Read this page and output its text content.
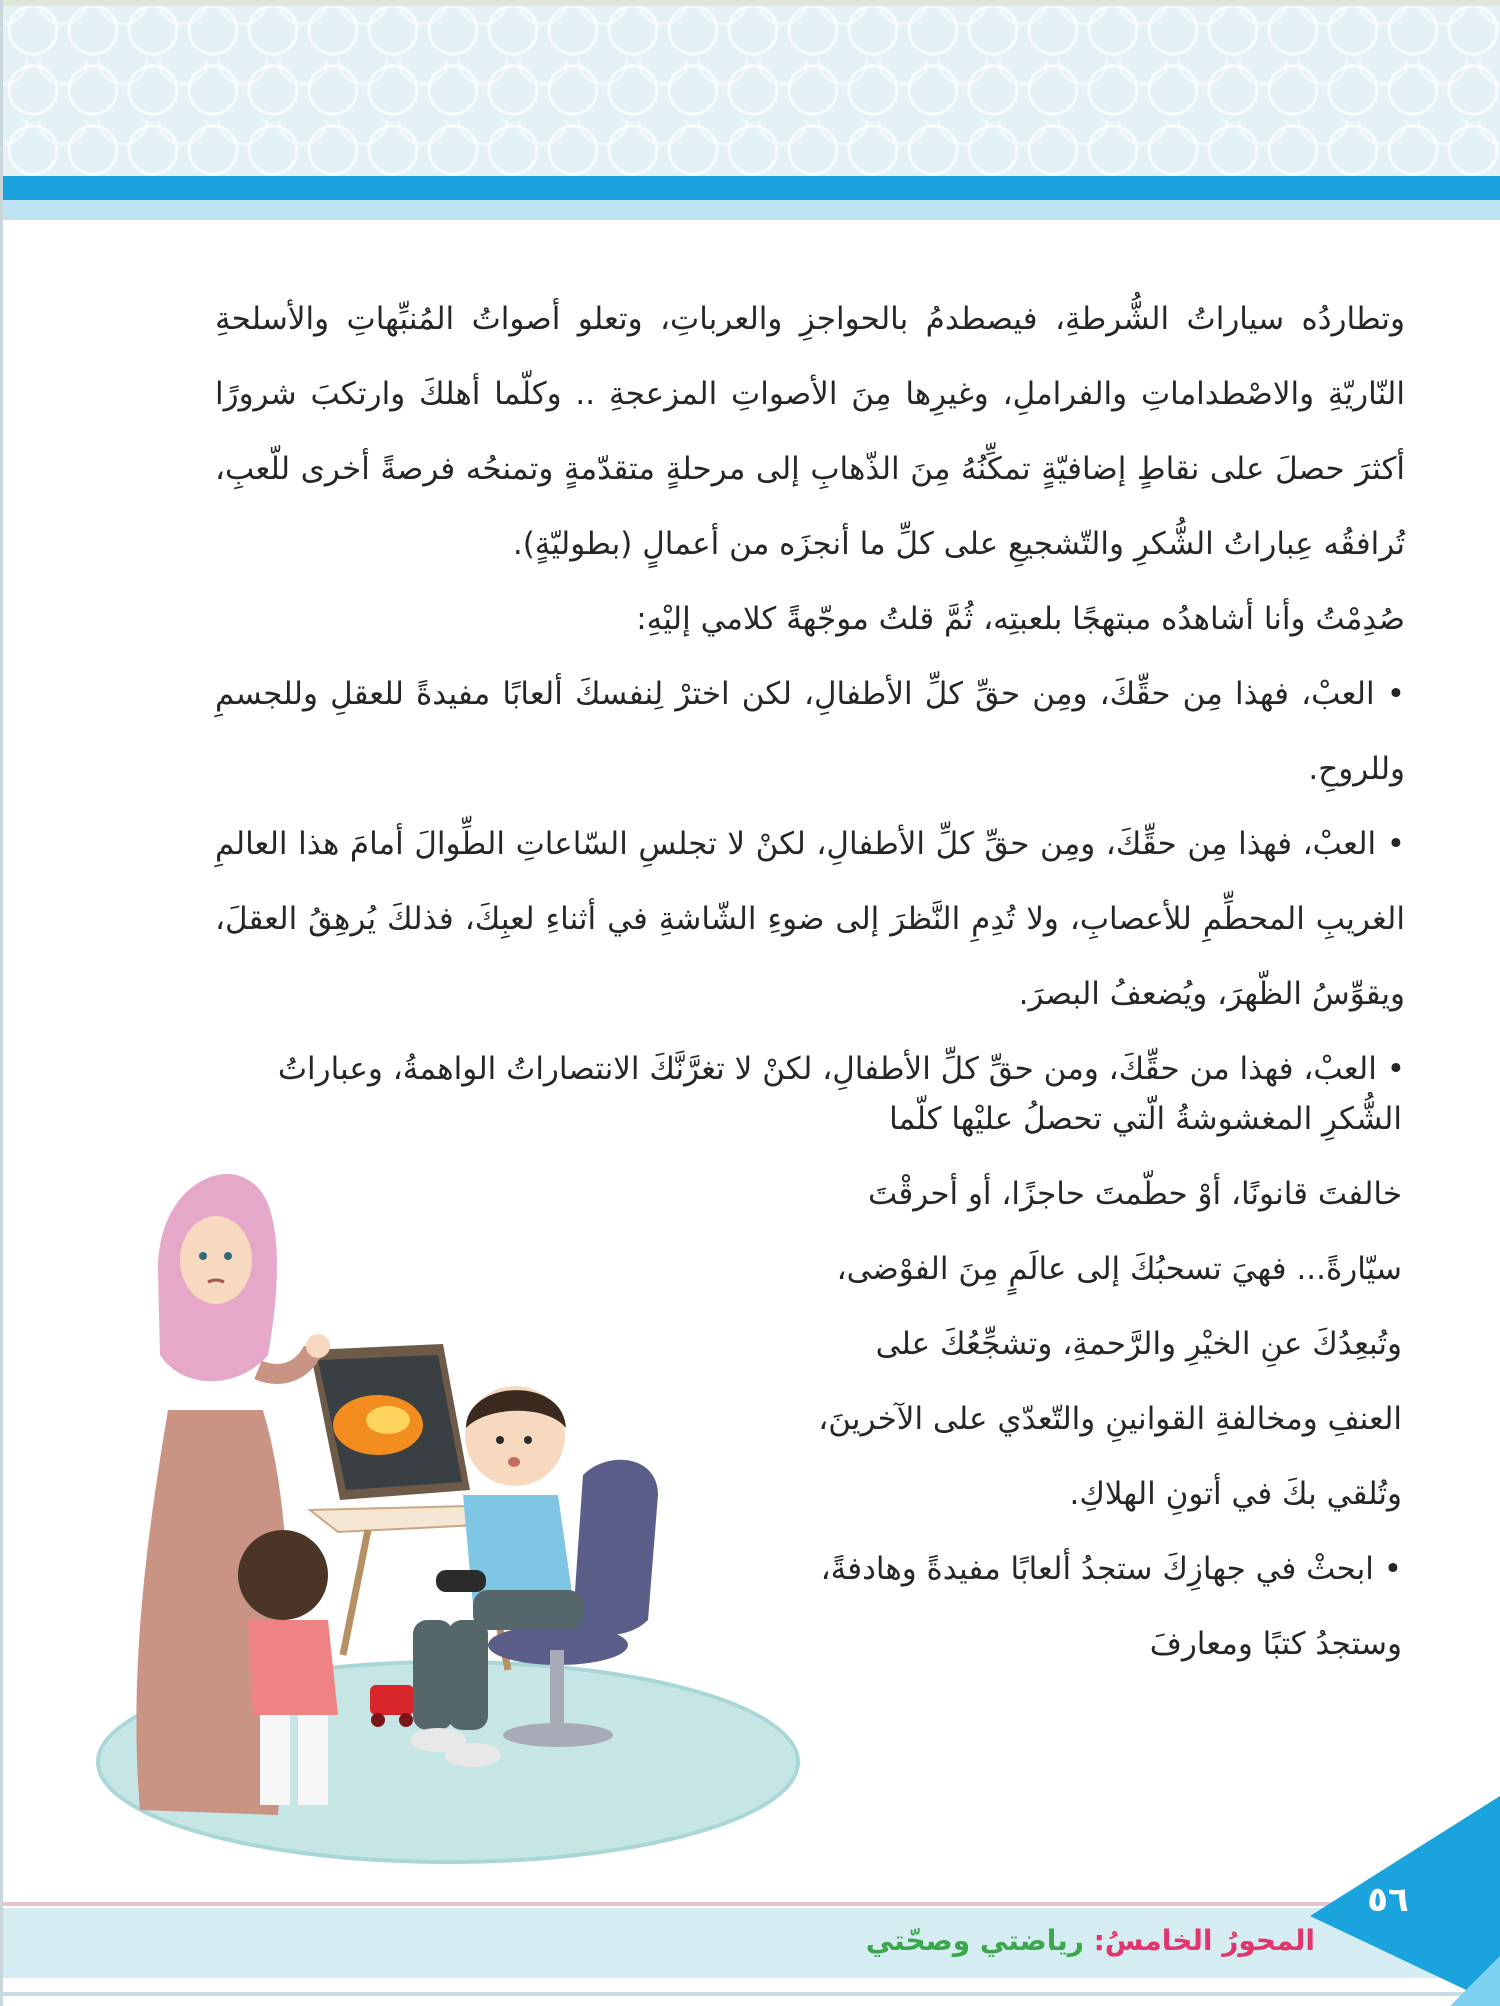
وتطاردُه سياراتُ الشُّرطةِ، فيصطدمُ بالحواجزِ والعرباتِ، وتعلو أصواتُ المُنبِّهاتِ والأسلحةِ النّاريّةِ والاصْطداماتِ والفراملِ، وغيرِها مِنَ الأصواتِ المزعجةِ .. وكلّما أهلكَ وارتكبَ شرورًا أكثرَ حصلَ على نقاطٍ إضافيّةٍ تمكِّنُهُ مِنَ الذّهابِ إلى مرحلةٍ متقدّمةٍ وتمنحُه فرصةً أخرى للّعبِ، تُرافقُه عِباراتُ الشُّكرِ والتّشجيعِ على كلِّ ما أنجزَه من أعمالٍ (بطوليّةٍ).

صُدِمْتُ وأنا أشاهدُه مبتهجًا بلعبتِه، ثُمَّ قلتُ موجّهةً كلامي إليْهِ:

• العبْ، فهذا مِن حقِّكَ، ومِن حقِّ كلِّ الأطفالِ، لكن اخترْ لِنفسكَ ألعابًا مفيدةً للعقلِ وللجسمِ وللروحِ.

• العبْ، فهذا مِن حقِّكَ، ومِن حقِّ كلِّ الأطفالِ، لكنْ لا تجلسِ السّاعاتِ الطِّوالَ أمامَ هذا العالمِ الغريبِ المحطِّمِ للأعصابِ، ولا تُدِمِ النَّظرَ إلى ضوءِ الشّاشةِ في أثناءِ لعبِكَ، فذلكَ يُرهِقُ العقلَ، ويقوِّسُ الظّهرَ، ويُضعفُ البصرَ.

• العبْ، فهذا من حقِّكَ، ومن حقِّ كلِّ الأطفالِ، لكنْ لا تغرَّنَّكَ الانتصاراتُ الواهمةُ، وعباراتُ

الشُّكرِ المغشوشةُ الّتي تحصلُ عليْها كلّما
خالفتَ قانونًا، أوْ حطّمتَ حاجزًا، أو أحرقْتَ
سيّارةً... فهيَ تسحبُكَ إلى عالَمٍ مِنَ الفوْضى،
وتُبعِدُكَ عنِ الخيْرِ والرَّحمةِ، وتشجِّعُكَ على
العنفِ ومخالفةِ القوانينِ والتّعدّي على الآخرينَ،
وتُلقي بكَ في أتونِ الهلاكِ.
• ابحثْ في جهازِكَ ستجدُ ألعابًا مفيدةً وهادفةً،
وستجدُ كتبًا ومعارفَ
المحورُ الخامسُ: رياضتي وصحّتي
٥٦
